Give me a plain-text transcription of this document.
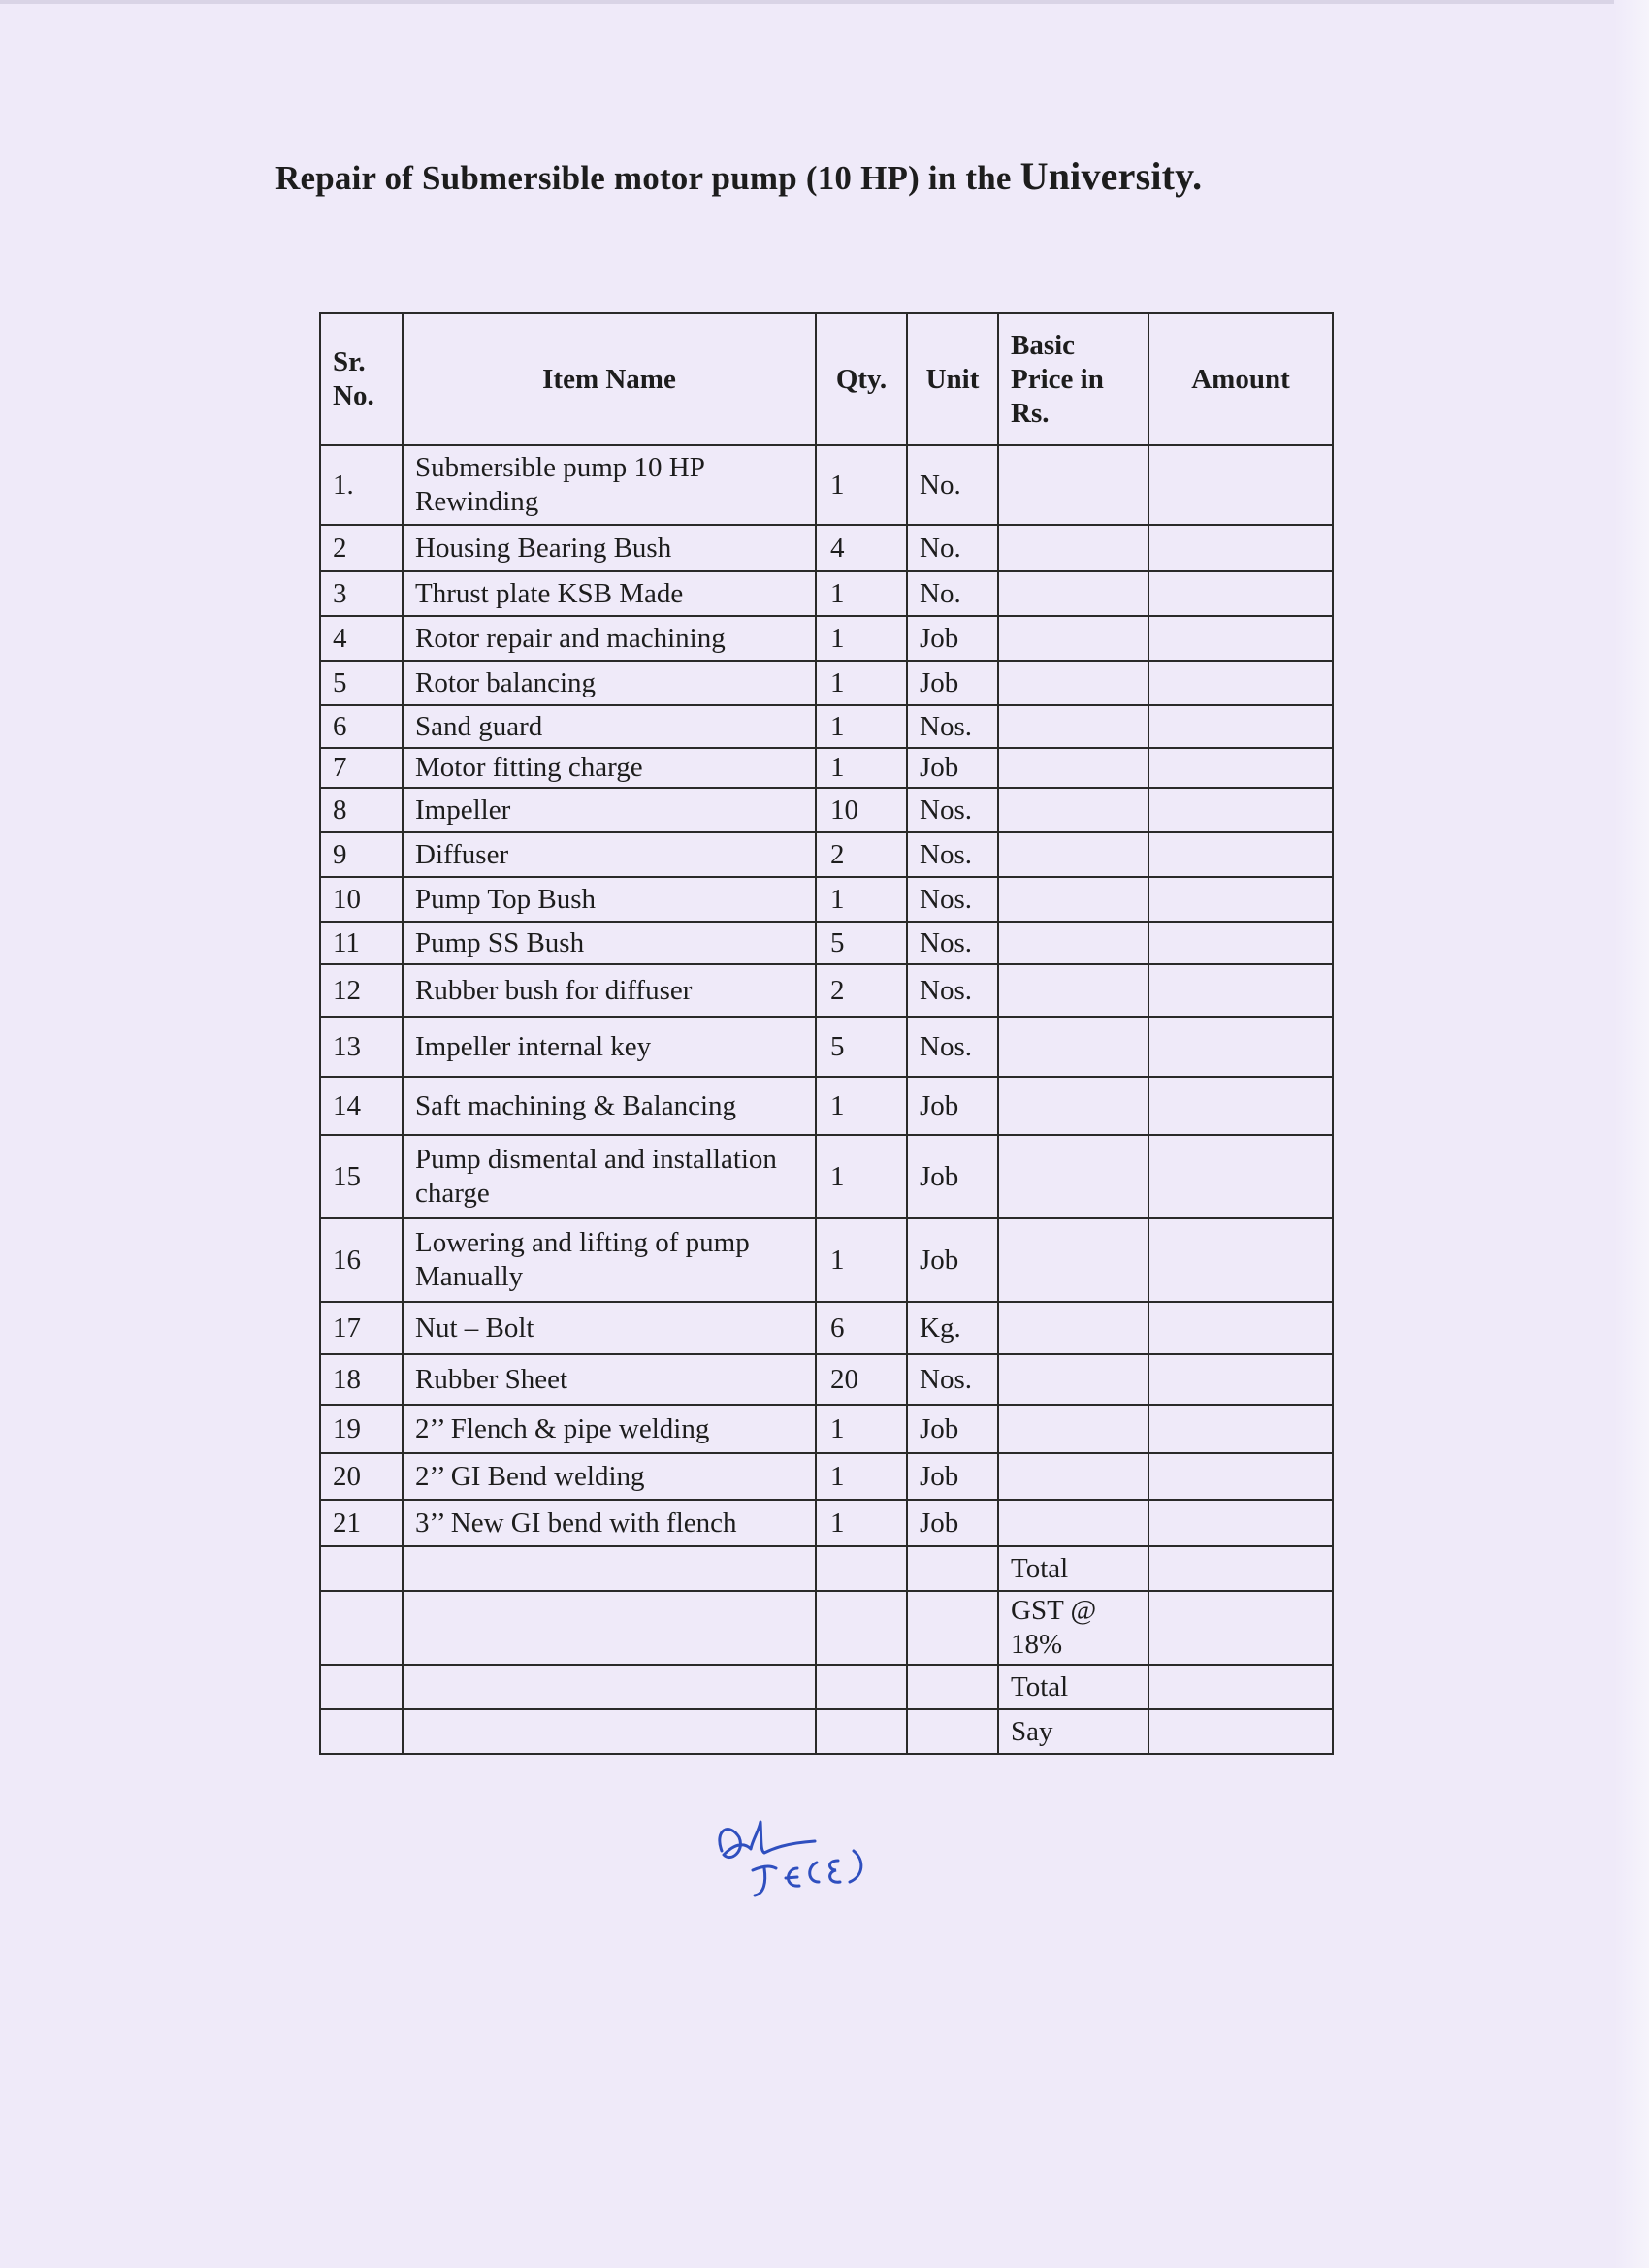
Repair of Submersible motor pump (10 HP) in the University.
Sr. No.	Item Name	Qty.	Unit	Basic Price in Rs.	Amount
1.	Submersible pump 10 HP Rewinding	1	No.		
2	Housing Bearing Bush	4	No.		
3	Thrust plate KSB Made	1	No.		
4	Rotor repair and machining	1	Job		
5	Rotor balancing	1	Job		
6	Sand guard	1	Nos.		
7	Motor fitting charge	1	Job		
8	Impeller	10	Nos.		
9	Diffuser	2	Nos.		
10	Pump Top Bush	1	Nos.		
11	Pump SS Bush	5	Nos.		
12	Rubber bush for diffuser	2	Nos.		
13	Impeller internal key	5	Nos.		
14	Saft machining & Balancing	1	Job		
15	Pump dismental and installation charge	1	Job		
16	Lowering and lifting of pump Manually	1	Job		
17	Nut – Bolt	6	Kg.		
18	Rubber Sheet	20	Nos.		
19	2’’ Flench & pipe welding	1	Job		
20	2’’ GI Bend welding	1	Job		
21	3’’ New GI bend with flench	1	Job		
				Total	
				GST @ 18%	
				Total	
				Say	
